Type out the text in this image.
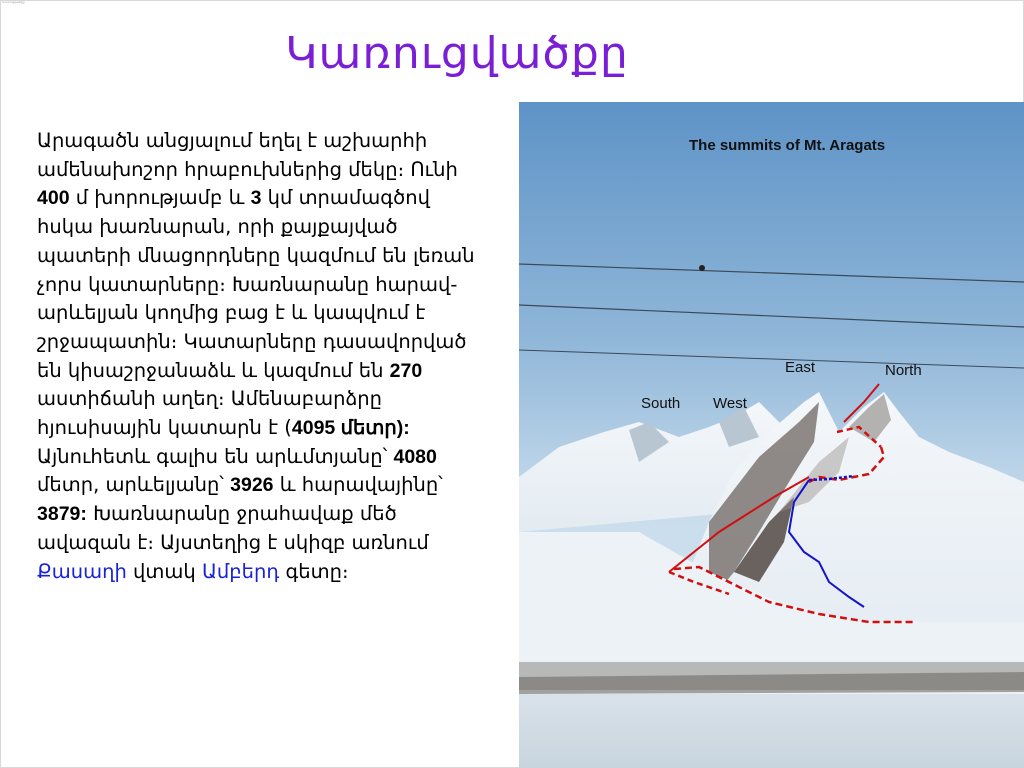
Կառուցվածքը
Կառուցվածքը
Արագածն անցյալում եղել է աշխարհի ամենախոշոր հրաբուխներից մեկը։ Ունի 400 մ խորությամբ և 3 կմ տրամագծով հսկա խառնարան, որի քայքայված պատերի մնացորդները կազմում են լեռան չորս կատարները։ Խառնարանը հարավ-արևելյան կողմից բաց է և կապվում է շրջապատին։ Կատարները դասավորված են կիսաշրջանաձև և կազմում են 270 աստիճանի աղեղ։ Ամենաբարձրը հյուսիսային կատարն է (4095 մետր): Այնուհետև գալիս են արևմտյանը՝ 4080 մետր, արևելյանը՝ 3926 և հարավայինը՝ 3879: Խառնարանը ջրահավաք մեծ ավազան է։ Այստեղից է սկիզբ առնում Քասաղի վտակ Ամբերդ գետը։
The summits of Mt. Aragats
South West
East	North
